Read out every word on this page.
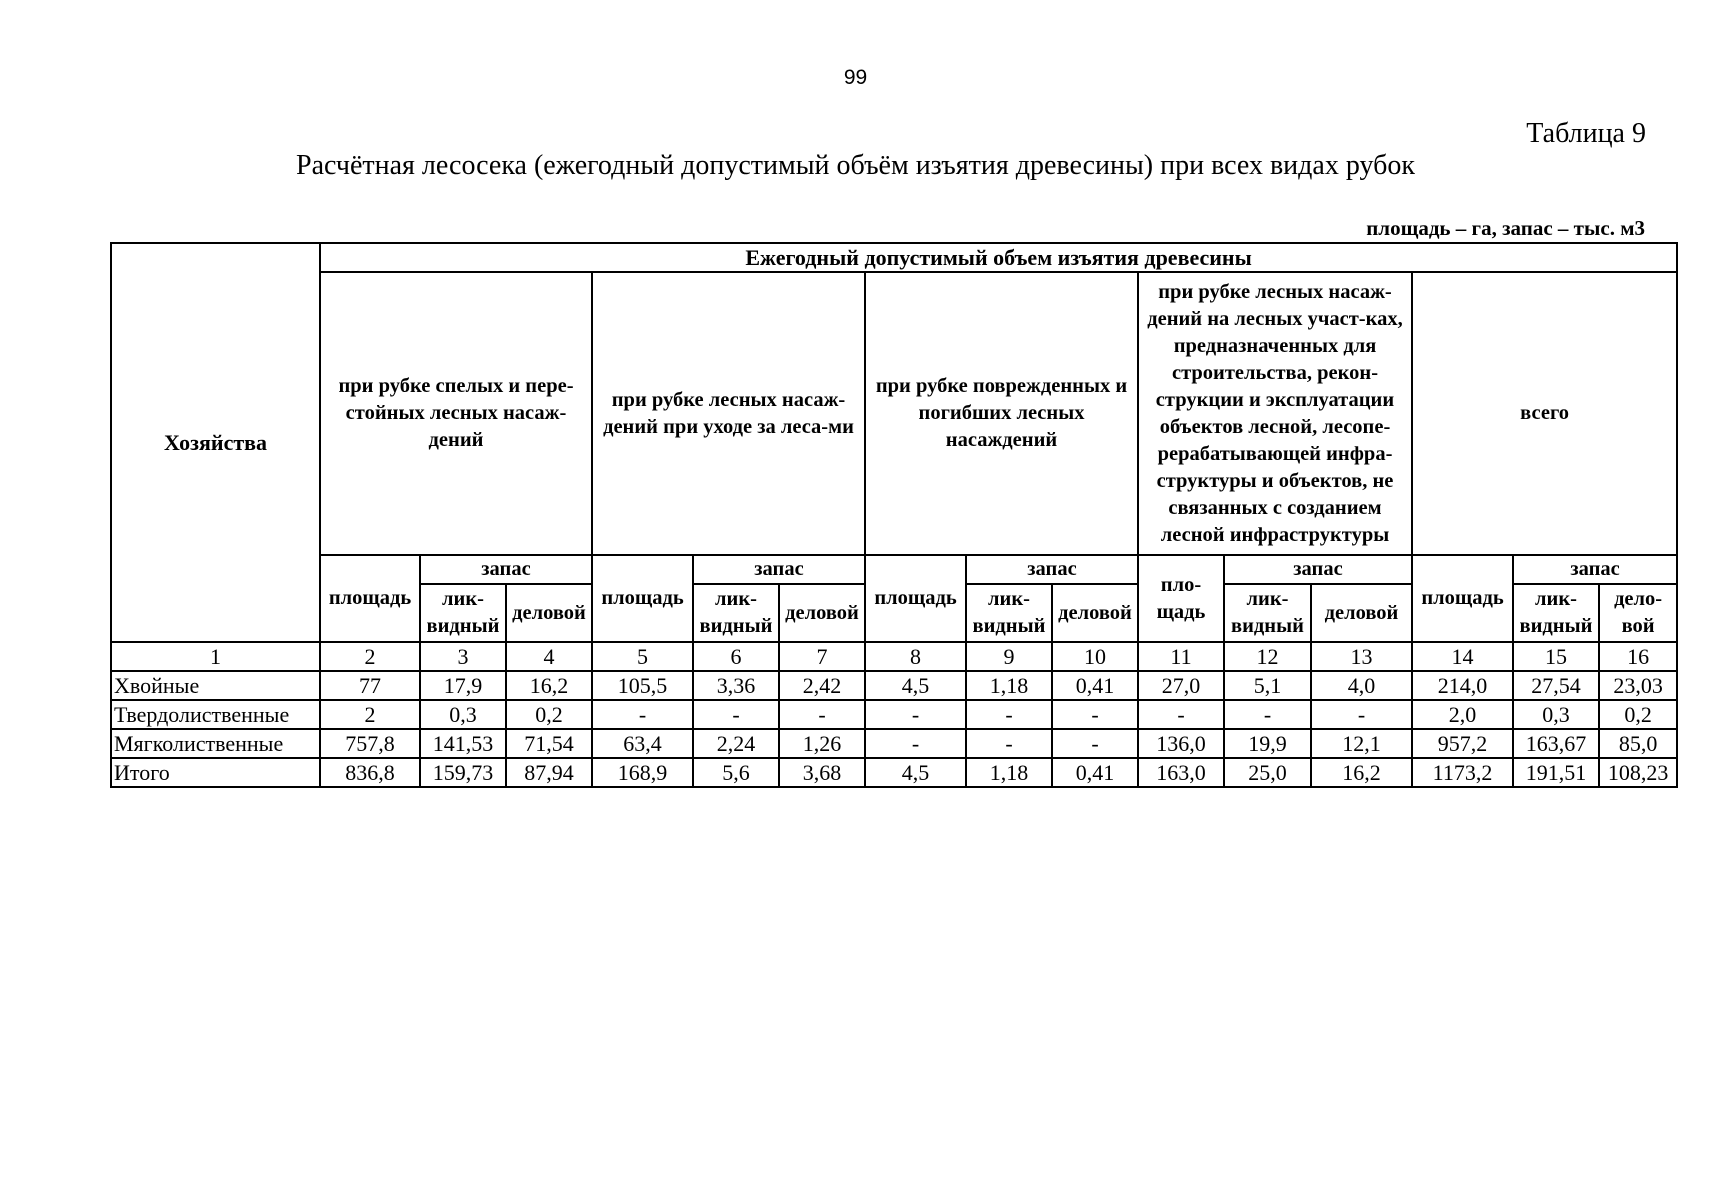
99
Таблица 9
Расчётная лесосека (ежегодный допустимый объём изъятия древесины) при всех видах рубок
площадь – га, запас – тыс. м3
Хозяйства	Ежегодный допустимый объем изъятия древесины														
	при рубке спелых и пере-стойных лесных насаж-дений			при рубке лесных насаж-дений при уходе за леса-ми			при рубке поврежденных и погибших лесных насаждений			при рубке лесных насаж-дений на лесных участ-ках, предназначенных для строительства, рекон-струкции и эксплуатации объектов лесной, лесопе-рерабатывающей инфра-структуры и объектов, не связанных с созданием лесной инфраструктуры			всего		
	площадь	запас		площадь	запас		площадь	запас		пло-щадь	запас		площадь	запас	
		лик-видный	деловой		лик-видный	деловой		лик-видный	деловой		лик-видный	деловой		лик-видный	дело-вой
1	2	3	4	5	6	7	8	9	10	11	12	13	14	15	16
Хвойные	77	17,9	16,2	105,5	3,36	2,42	4,5	1,18	0,41	27,0	5,1	4,0	214,0	27,54	23,03
Твердолиственные	2	0,3	0,2	-	-	-	-	-	-	-	-	-	2,0	0,3	0,2
Мягколиственные	757,8	141,53	71,54	63,4	2,24	1,26	-	-	-	136,0	19,9	12,1	957,2	163,67	85,0
Итого	836,8	159,73	87,94	168,9	5,6	3,68	4,5	1,18	0,41	163,0	25,0	16,2	1173,2	191,51	108,23
